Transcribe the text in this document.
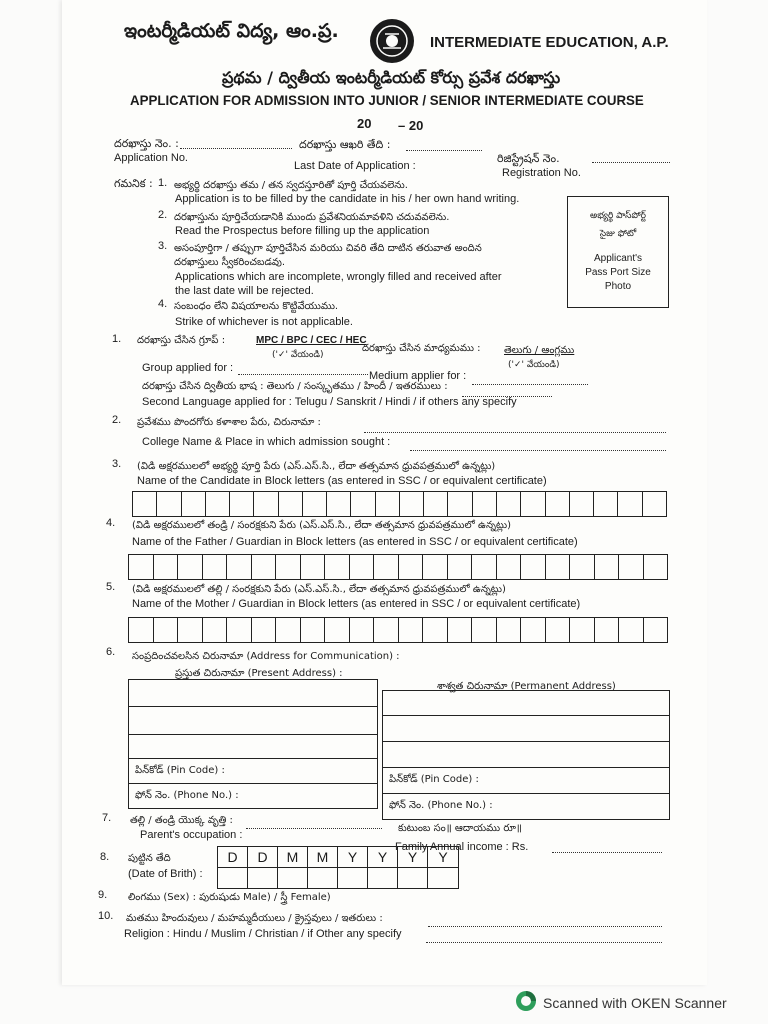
ఇంటర్మీడియట్ విద్య, ఆం.ప్ర.
INTERMEDIATE EDUCATION, A.P.
ప్రథమ / ద్వితీయ ఇంటర్మీడియట్ కోర్సు ప్రవేశ దరఖాస్తు
APPLICATION FOR ADMISSION INTO JUNIOR / SENIOR INTERMEDIATE COURSE
20 – 20
దరఖాస్తు నెం. :
Application No.
దరఖాస్తు ఆఖరి తేది :
Last Date of Application :
రిజిస్ట్రేషన్ నెం.
Registration No.
గమనిక : 1. అభ్యర్థి దరఖాస్తు తమ / తన స్వదస్తూరితో పూర్తి చేయవలెను.
Application is to be filled by the candidate in his / her own hand writing.
2. దరఖాస్తును పూర్తిచేయడానికి ముందు ప్రవేశనియమావళిని చదువవలెను.
Read the Prospectus before filling up the application
3. అసంపూర్తిగా / తప్పుగా పూర్తిచేసిన మరియు చివరి తేది దాటిన తరువాత అందిన
దరఖాస్తులు స్వీకరించబడవు.
Applications which are incomplete, wrongly filled and received after
the last date will be rejected.
4. సంబంధం లేని విషయాలను కొట్టివేయుము.
Strike of whichever is not applicable.
అభ్యర్థి పాస్‌పోర్ట్
సైజు ఫోటో
Applicant's
Pass Port Size
Photo
1. దరఖాస్తు చేసిన గ్రూప్ :	MPC / BPC / CEC / HEC
('✓' వేయండి)
దరఖాస్తు చేసిన మాధ్యమము : తెలుగు / ఆంగ్లము
('✓' వేయండి)
Group applied for :
Medium applier for :
దరఖాస్తు చేసిన ద్వితీయ భాష : తెలుగు / సంస్కృతము / హిందీ / ఇతరములు :
Second Language applied for : Telugu / Sanskrit / Hindi / if others any specify
2. ప్రవేశము పొందగోరు కళాశాల పేరు, చిరునామా :
College Name & Place in which admission sought :
3. (విడి అక్షరములలో అభ్యర్థి పూర్తి పేరు (ఎస్.ఎస్.సి., లేదా తత్సమాన ధ్రువపత్రములో ఉన్నట్లు)
Name of the Candidate in Block letters (as entered in SSC / or equivalent certificate)
4. (విడి అక్షరములలో తండ్రి / సంరక్షకుని పేరు (ఎస్.ఎస్.సి., లేదా తత్సమాన ధ్రువపత్రములో ఉన్నట్లు)
Name of the Father / Guardian in Block letters (as entered in SSC / or equivalent certificate)
5. (విడి అక్షరములలో తల్లి / సంరక్షకుని పేరు (ఎస్.ఎస్.సి., లేదా తత్సమాన ధ్రువపత్రములో ఉన్నట్లు)
Name of the Mother / Guardian in Block letters (as entered in SSC / or equivalent certificate)
6. సంప్రదించవలసిన చిరునామా (Address for Communication) :
ప్రస్తుత చిరునామా (Present Address) :
శాశ్వత చిరునామా (Permanent Address)
పిన్‌కోడ్ (Pin Code) :
ఫోన్ నెం. (Phone No.) :
పిన్‌కోడ్ (Pin Code) :
ఫోన్ నెం. (Phone No.) :
7. తల్లి / తండ్రి యొక్క వృత్తి :
Parent's occupation :
కుటుంబ సం॥ ఆదాయము రూ॥
Family Annual income : Rs.
8. పుట్టిన తేది
(Date of Brith) :
D	D	M	M	Y	Y	Y	Y
9. లింగము (Sex) : పురుషుడు Male) / స్త్రీ Female)
10. మతము హిందువులు / మహమ్మదీయులు / క్రైస్తవులు / ఇతరులు :
Religion : Hindu / Muslim / Christian / if Other any specify
Scanned with OKEN Scanner
